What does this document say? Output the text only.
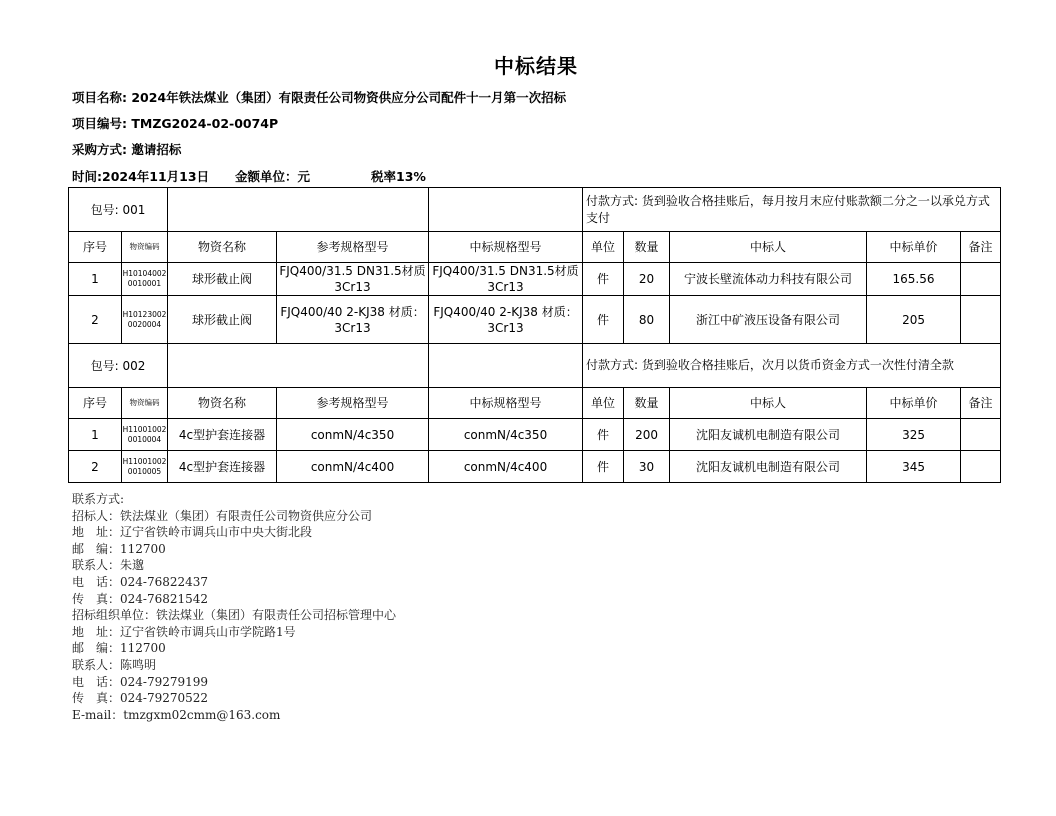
中标结果
项目名称: 2024年铁法煤业（集团）有限责任公司物资供应分公司配件十一月第一次招标
项目编号: TMZG2024-02-0074P
采购方式: 邀请招标
时间:2024年11月13日 金额单位：元	税率13%
包号: 001					付款方式: 货到验收合格挂账后，每月按月末应付账款额二分之一以承兑方式支付				
序号	物资编码	物资名称	参考规格型号	中标规格型号	单位	数量	中标人	中标单价	备注
1	H10104002 0010001	球形截止阀	FJQ400/31.5 DN31.5材质3Cr13	FJQ400/31.5 DN31.5材质3Cr13	件	20	宁波长壁流体动力科技有限公司	165.56	
2	H10123002 0020004	球形截止阀	FJQ400/40 2-KJ38 材质：3Cr13	FJQ400/40 2-KJ38 材质：3Cr13	件	80	浙江中矿液压设备有限公司	205	
包号: 002					付款方式: 货到验收合格挂账后，次月以货币资金方式一次性付清全款				
序号	物资编码	物资名称	参考规格型号	中标规格型号	单位	数量	中标人	中标单价	备注
1	H11001002 0010004	4c型护套连接器	conmN/4c350	conmN/4c350	件	200	沈阳友诚机电制造有限公司	325	
2	H11001002 0010005	4c型护套连接器	conmN/4c400	conmN/4c400	件	30	沈阳友诚机电制造有限公司	345	
联系方式:
招标人：铁法煤业（集团）有限责任公司物资供应分公司
地　址：辽宁省铁岭市调兵山市中央大街北段
邮　编：112700
联系人：朱邈
电　话：024-76822437
传　真：024-76821542
招标组织单位：铁法煤业（集团）有限责任公司招标管理中心
地　址：辽宁省铁岭市调兵山市学院路1号
邮　编：112700
联系人：陈鸣明
电　话：024-79279199
传　真：024-79270522
E-mail：tmzgxm02cmm@163.com
